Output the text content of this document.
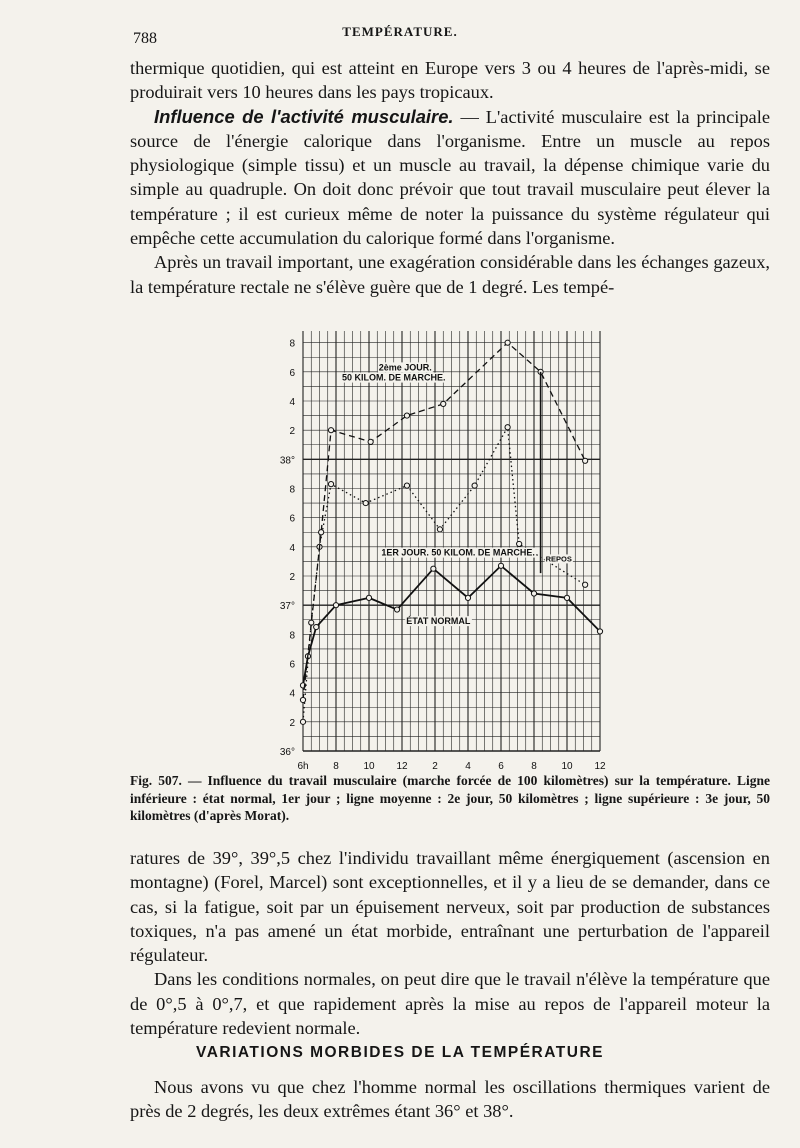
788	TEMPÉRATURE.

thermique quotidien, qui est atteint en Europe vers 3 ou 4 heures de l'après-midi, se produirait vers 10 heures dans les pays tropicaux.

Influence de l'activité musculaire. — L'activité musculaire est la principale source de l'énergie calorique dans l'organisme. Entre un muscle au repos physiologique (simple tissu) et un muscle au travail, la dépense chimique varie du simple au quadruple. On doit donc prévoir que tout travail musculaire peut élever la température ; il est curieux même de noter la puissance du système régulateur qui empêche cette accumulation du calorique formé dans l'organisme.

Après un travail important, une exagération considérable dans les échanges gazeux, la température rectale ne s'élève guère que de 1 degré. Les tempé-

36°
2
4
6
8
37°
2
4
6
8
38°
2
4
6
8
6h 8 10 12 2	4	6	8 10 12
2ème JOUR.
50 KILOM. DE MARCHE.
1ER JOUR. 50 KILOM. DE MARCHE.
REPOS
ÉTAT NORMAL
Fig. 507. — Influence du travail musculaire (marche forcée de 100 kilomètres) sur la température. Ligne inférieure : état normal, 1er jour ; ligne moyenne : 2e jour, 50 kilomètres ; ligne supérieure : 3e jour, 50 kilomètres (d'après Morat).

ratures de 39°, 39°,5 chez l'individu travaillant même énergiquement (ascension en montagne) (Forel, Marcel) sont exceptionnelles, et il y a lieu de se demander, dans ce cas, si la fatigue, soit par un épuisement nerveux, soit par production de substances toxiques, n'a pas amené un état morbide, entraînant une perturbation de l'appareil régulateur.

Dans les conditions normales, on peut dire que le travail n'élève la température que de 0°,5 à 0°,7, et que rapidement après la mise au repos de l'appareil moteur la température redevient normale.

VARIATIONS MORBIDES DE LA TEMPÉRATURE

Nous avons vu que chez l'homme normal les oscillations thermiques varient de près de 2 degrés, les deux extrêmes étant 36° et 38°.
